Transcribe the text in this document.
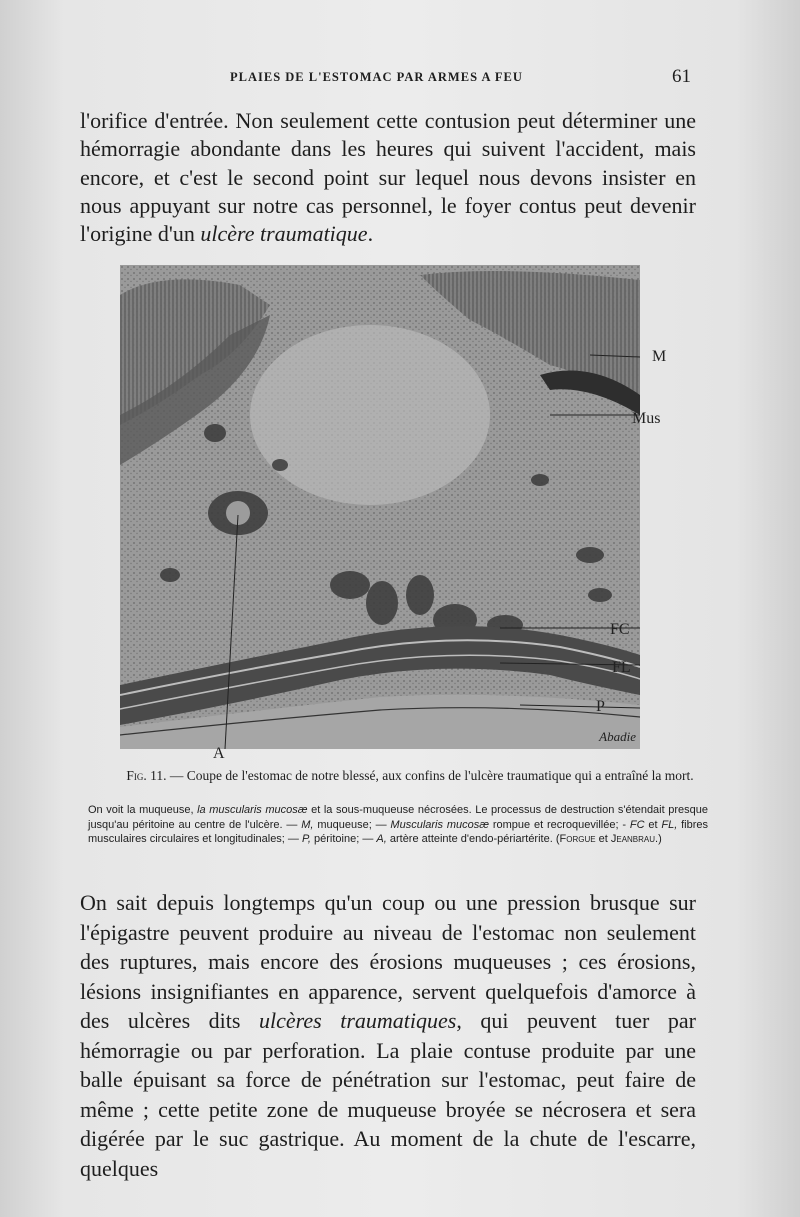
PLAIES DE L'ESTOMAC PAR ARMES A FEU	61
l'orifice d'entrée. Non seulement cette contusion peut déterminer une hémorragie abondante dans les heures qui suivent l'accident, mais encore, et c'est le second point sur lequel nous devons insister en nous appuyant sur notre cas personnel, le foyer contus peut devenir l'origine d'un ulcère traumatique.
Abadie
M
Mus
FC
FL
P
A
Fig. 11. — Coupe de l'estomac de notre blessé, aux confins de l'ulcère traumatique qui a entraîné la mort.
On voit la muqueuse, la muscularis mucosæ et la sous-muqueuse nécrosées. Le processus de destruction s'étendait presque jusqu'au péritoine au centre de l'ulcère. — M, muqueuse; — Muscularis mucosæ rompue et recroquevillée; - FC et FL, fibres musculaires circulaires et longitudinales; — P, péritoine; — A, artère atteinte d'endo-périartérite. (Forgue et Jeanbrau.)
On sait depuis longtemps qu'un coup ou une pression brusque sur l'épigastre peuvent produire au niveau de l'estomac non seulement des ruptures, mais encore des érosions muqueuses ; ces érosions, lésions insignifiantes en apparence, servent quelquefois d'amorce à des ulcères dits ulcères traumatiques, qui peuvent tuer par hémorragie ou par perforation. La plaie contuse produite par une balle épuisant sa force de pénétration sur l'estomac, peut faire de même ; cette petite zone de muqueuse broyée se nécrosera et sera digérée par le suc gastrique. Au moment de la chute de l'escarre, quelques
